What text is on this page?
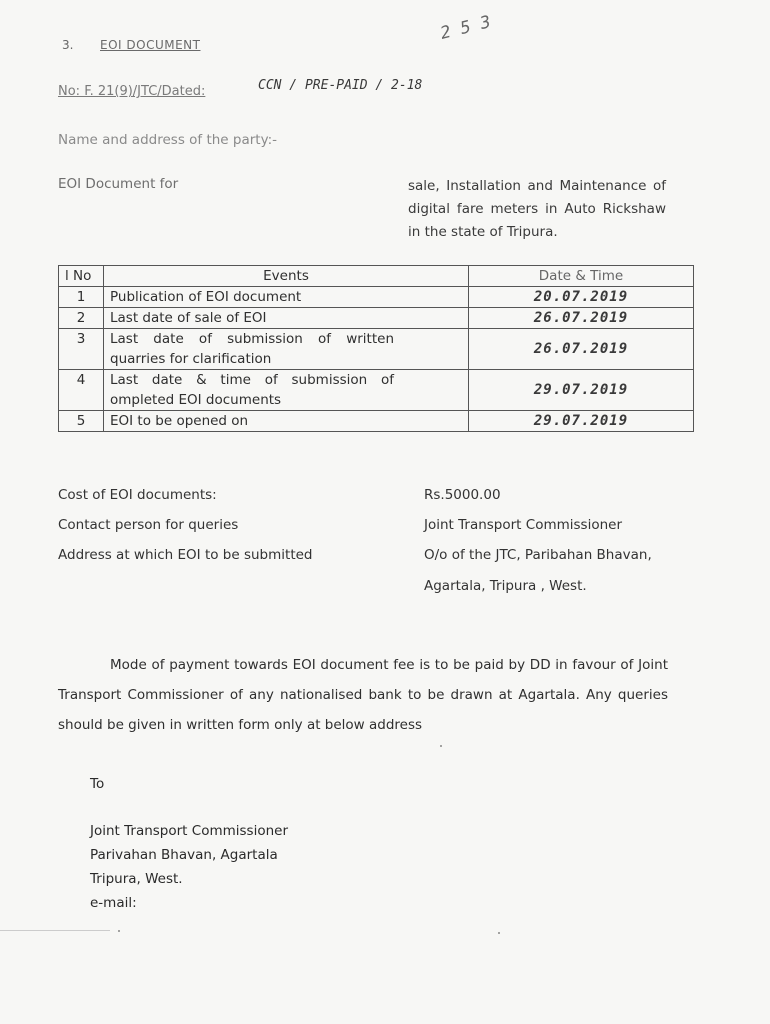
3. EOI DOCUMENT
2 5 3
No: F. 21(9)/JTC/Dated:	CCN / PRE-PAID / 2-18
Name and address of the party:-
EOI Document for	sale, Installation and Maintenance of digital fare meters in Auto Rickshaw in the state of Tripura.
l No	Events	Date & Time
1	Publication of EOI document	20.07.2019
2	Last date of sale of EOI	26.07.2019
3	Last date of submission of written quarries for clarification	26.07.2019
4	Last date & time of submission of ompleted EOI documents	29.07.2019
5	EOI to be opened on	29.07.2019
Cost of EOI documents:	Rs.5000.00
Contact person for queries	Joint Transport Commissioner
Address at which EOI to be submitted	O/o of the JTC, Paribahan Bhavan,
Agartala, Tripura , West.

Mode of payment towards EOI document fee is to be paid by DD in favour of Joint Transport Commissioner of any nationalised bank to be drawn at Agartala. Any queries should be given in written form only at below address

To
Joint Transport Commissioner
Parivahan Bhavan, Agartala
Tripura, West.
e-mail:
